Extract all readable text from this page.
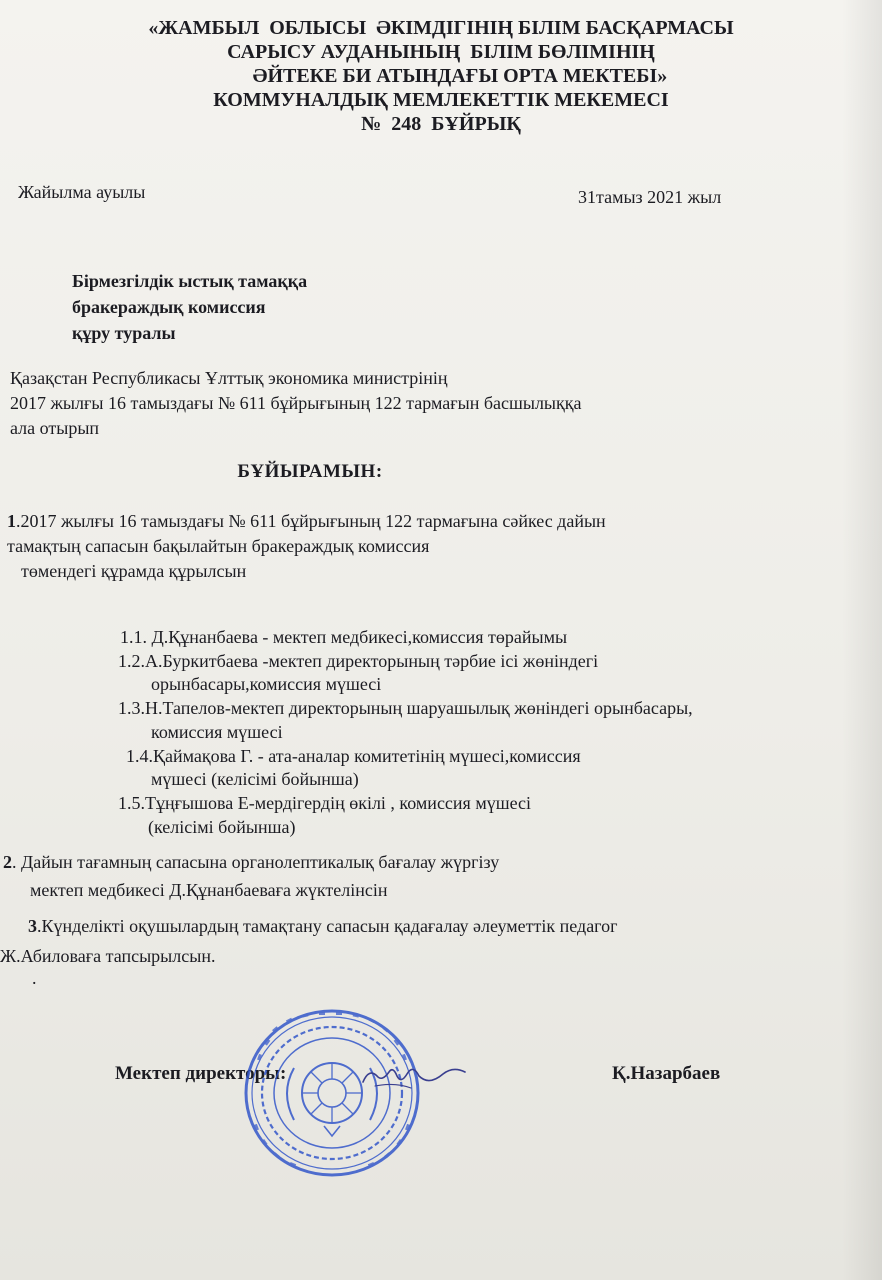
«ЖАМБЫЛ  ОБЛЫСЫ  ӘКІМДІГІНІҢ БІЛІМ БАСҚАРМАСЫ
САРЫСУ АУДАНЫНЫҢ  БІЛІМ БӨЛІМІНІҢ
ӘЙТЕКЕ БИ АТЫНДАҒЫ ОРТА МЕКТЕБІ»
КОММУНАЛДЫҚ МЕМЛЕКЕТТІК МЕКЕМЕСІ
№  248  БҰЙРЫҚ
Жайылма ауылы	31тамыз 2021 жыл
Бірмезгілдік ыстық тамаққа
бракераждық комиссия
құру туралы
Қазақстан Республикасы Ұлттық экономика министрінің
2017 жылғы 16 тамыздағы № 611 бұйрығының 122 тармағын басшылыққа
ала отырып
БҰЙЫРАМЫН:
1.2017 жылғы 16 тамыздағы № 611 бұйрығының 122 тармағына сәйкес дайын
тамақтың сапасын бақылайтын бракераждық комиссия
төмендегі құрамда құрылсын
1.1. Д.Құнанбаева - мектеп медбикесі,комиссия төрайымы
1.2.А.Буркитбаева -мектеп директорының тәрбие ісі жөніндегі
орынбасары,комиссия мүшесі
1.3.Н.Тапелов-мектеп директорының шаруашылық жөніндегі орынбасары,
комиссия мүшесі
1.4.Қаймақова Г. - ата-аналар комитетінің мүшесі,комиссия
мүшесі (келісімі бойынша)
1.5.Тұңғышова Е-мердігердің өкілі , комиссия мүшесі
(келісімі бойынша)
2. Дайын тағамның сапасына органолептикалық бағалау жүргізу
мектеп медбикесі Д.Құнанбаеваға жүктелінсін
3.Күнделікті оқушылардың тамақтану сапасын қадағалау әлеуметтік педагог
Ж.Абиловаға тапсырылсын.
.
Мектеп директоры:	Қ.Назарбаев
